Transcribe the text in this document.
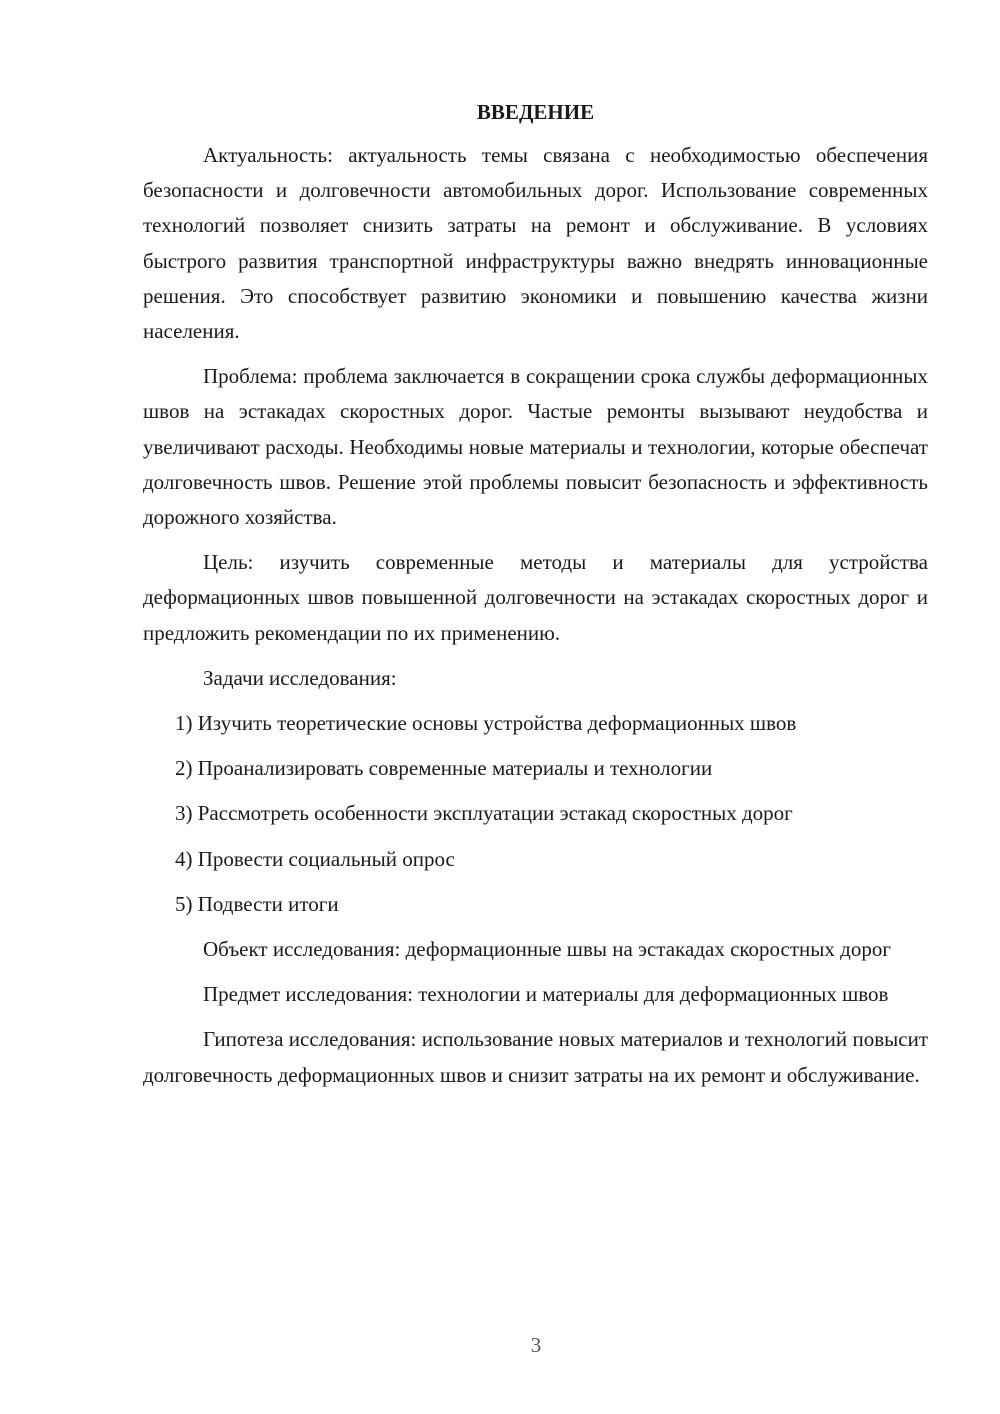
ВВЕДЕНИЕ

Актуальность: актуальность темы связана с необходимостью обеспечения безопасности и долговечности автомобильных дорог. Использование современных технологий позволяет снизить затраты на ремонт и обслуживание. В условиях быстрого развития транспортной инфраструктуры важно внедрять инновационные решения. Это способствует развитию экономики и повышению качества жизни населения.

Проблема: проблема заключается в сокращении срока службы деформационных швов на эстакадах скоростных дорог. Частые ремонты вызывают неудобства и увеличивают расходы. Необходимы новые материалы и технологии, которые обеспечат долговечность швов. Решение этой проблемы повысит безопасность и эффективность дорожного хозяйства.

Цель: изучить современные методы и материалы для устройства деформационных швов повышенной долговечности на эстакадах скоростных дорог и предложить рекомендации по их применению.

Задачи исследования:

1) Изучить теоретические основы устройства деформационных швов
2) Проанализировать современные материалы и технологии
3) Рассмотреть особенности эксплуатации эстакад скоростных дорог
4) Провести социальный опрос
5) Подвести итоги

Объект исследования: деформационные швы на эстакадах скоростных дорог

Предмет исследования: технологии и материалы для деформационных швов

Гипотеза исследования: использование новых материалов и технологий повысит долговечность деформационных швов и снизит затраты на их ремонт и обслуживание.

3
